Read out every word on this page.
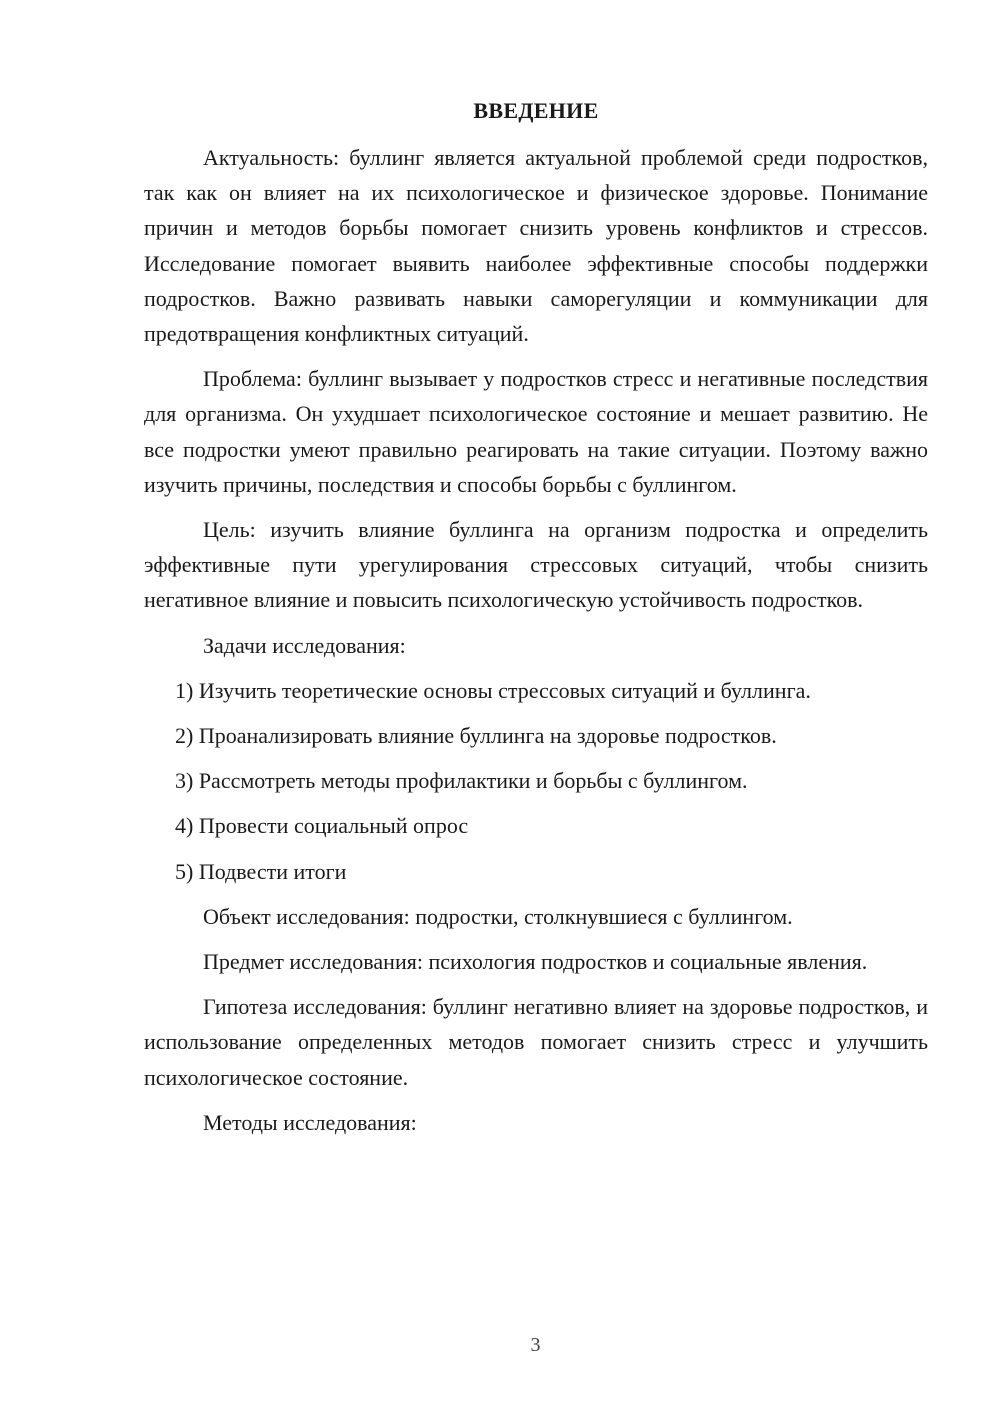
ВВЕДЕНИЕ

Актуальность: буллинг является актуальной проблемой среди подростков, так как он влияет на их психологическое и физическое здоровье. Понимание причин и методов борьбы помогает снизить уровень конфликтов и стрессов. Исследование помогает выявить наиболее эффективные способы поддержки подростков. Важно развивать навыки саморегуляции и коммуникации для предотвращения конфликтных ситуаций.

Проблема: буллинг вызывает у подростков стресс и негативные последствия для организма. Он ухудшает психологическое состояние и мешает развитию. Не все подростки умеют правильно реагировать на такие ситуации. Поэтому важно изучить причины, последствия и способы борьбы с буллингом.

Цель: изучить влияние буллинга на организм подростка и определить эффективные пути урегулирования стрессовых ситуаций, чтобы снизить негативное влияние и повысить психологическую устойчивость подростков.

Задачи исследования:

1) Изучить теоретические основы стрессовых ситуаций и буллинга.
2) Проанализировать влияние буллинга на здоровье подростков.
3) Рассмотреть методы профилактики и борьбы с буллингом.
4) Провести социальный опрос
5) Подвести итоги

Объект исследования: подростки, столкнувшиеся с буллингом.

Предмет исследования: психология подростков и социальные явления.

Гипотеза исследования: буллинг негативно влияет на здоровье подростков, и использование определенных методов помогает снизить стресс и улучшить психологическое состояние.

Методы исследования:

3
